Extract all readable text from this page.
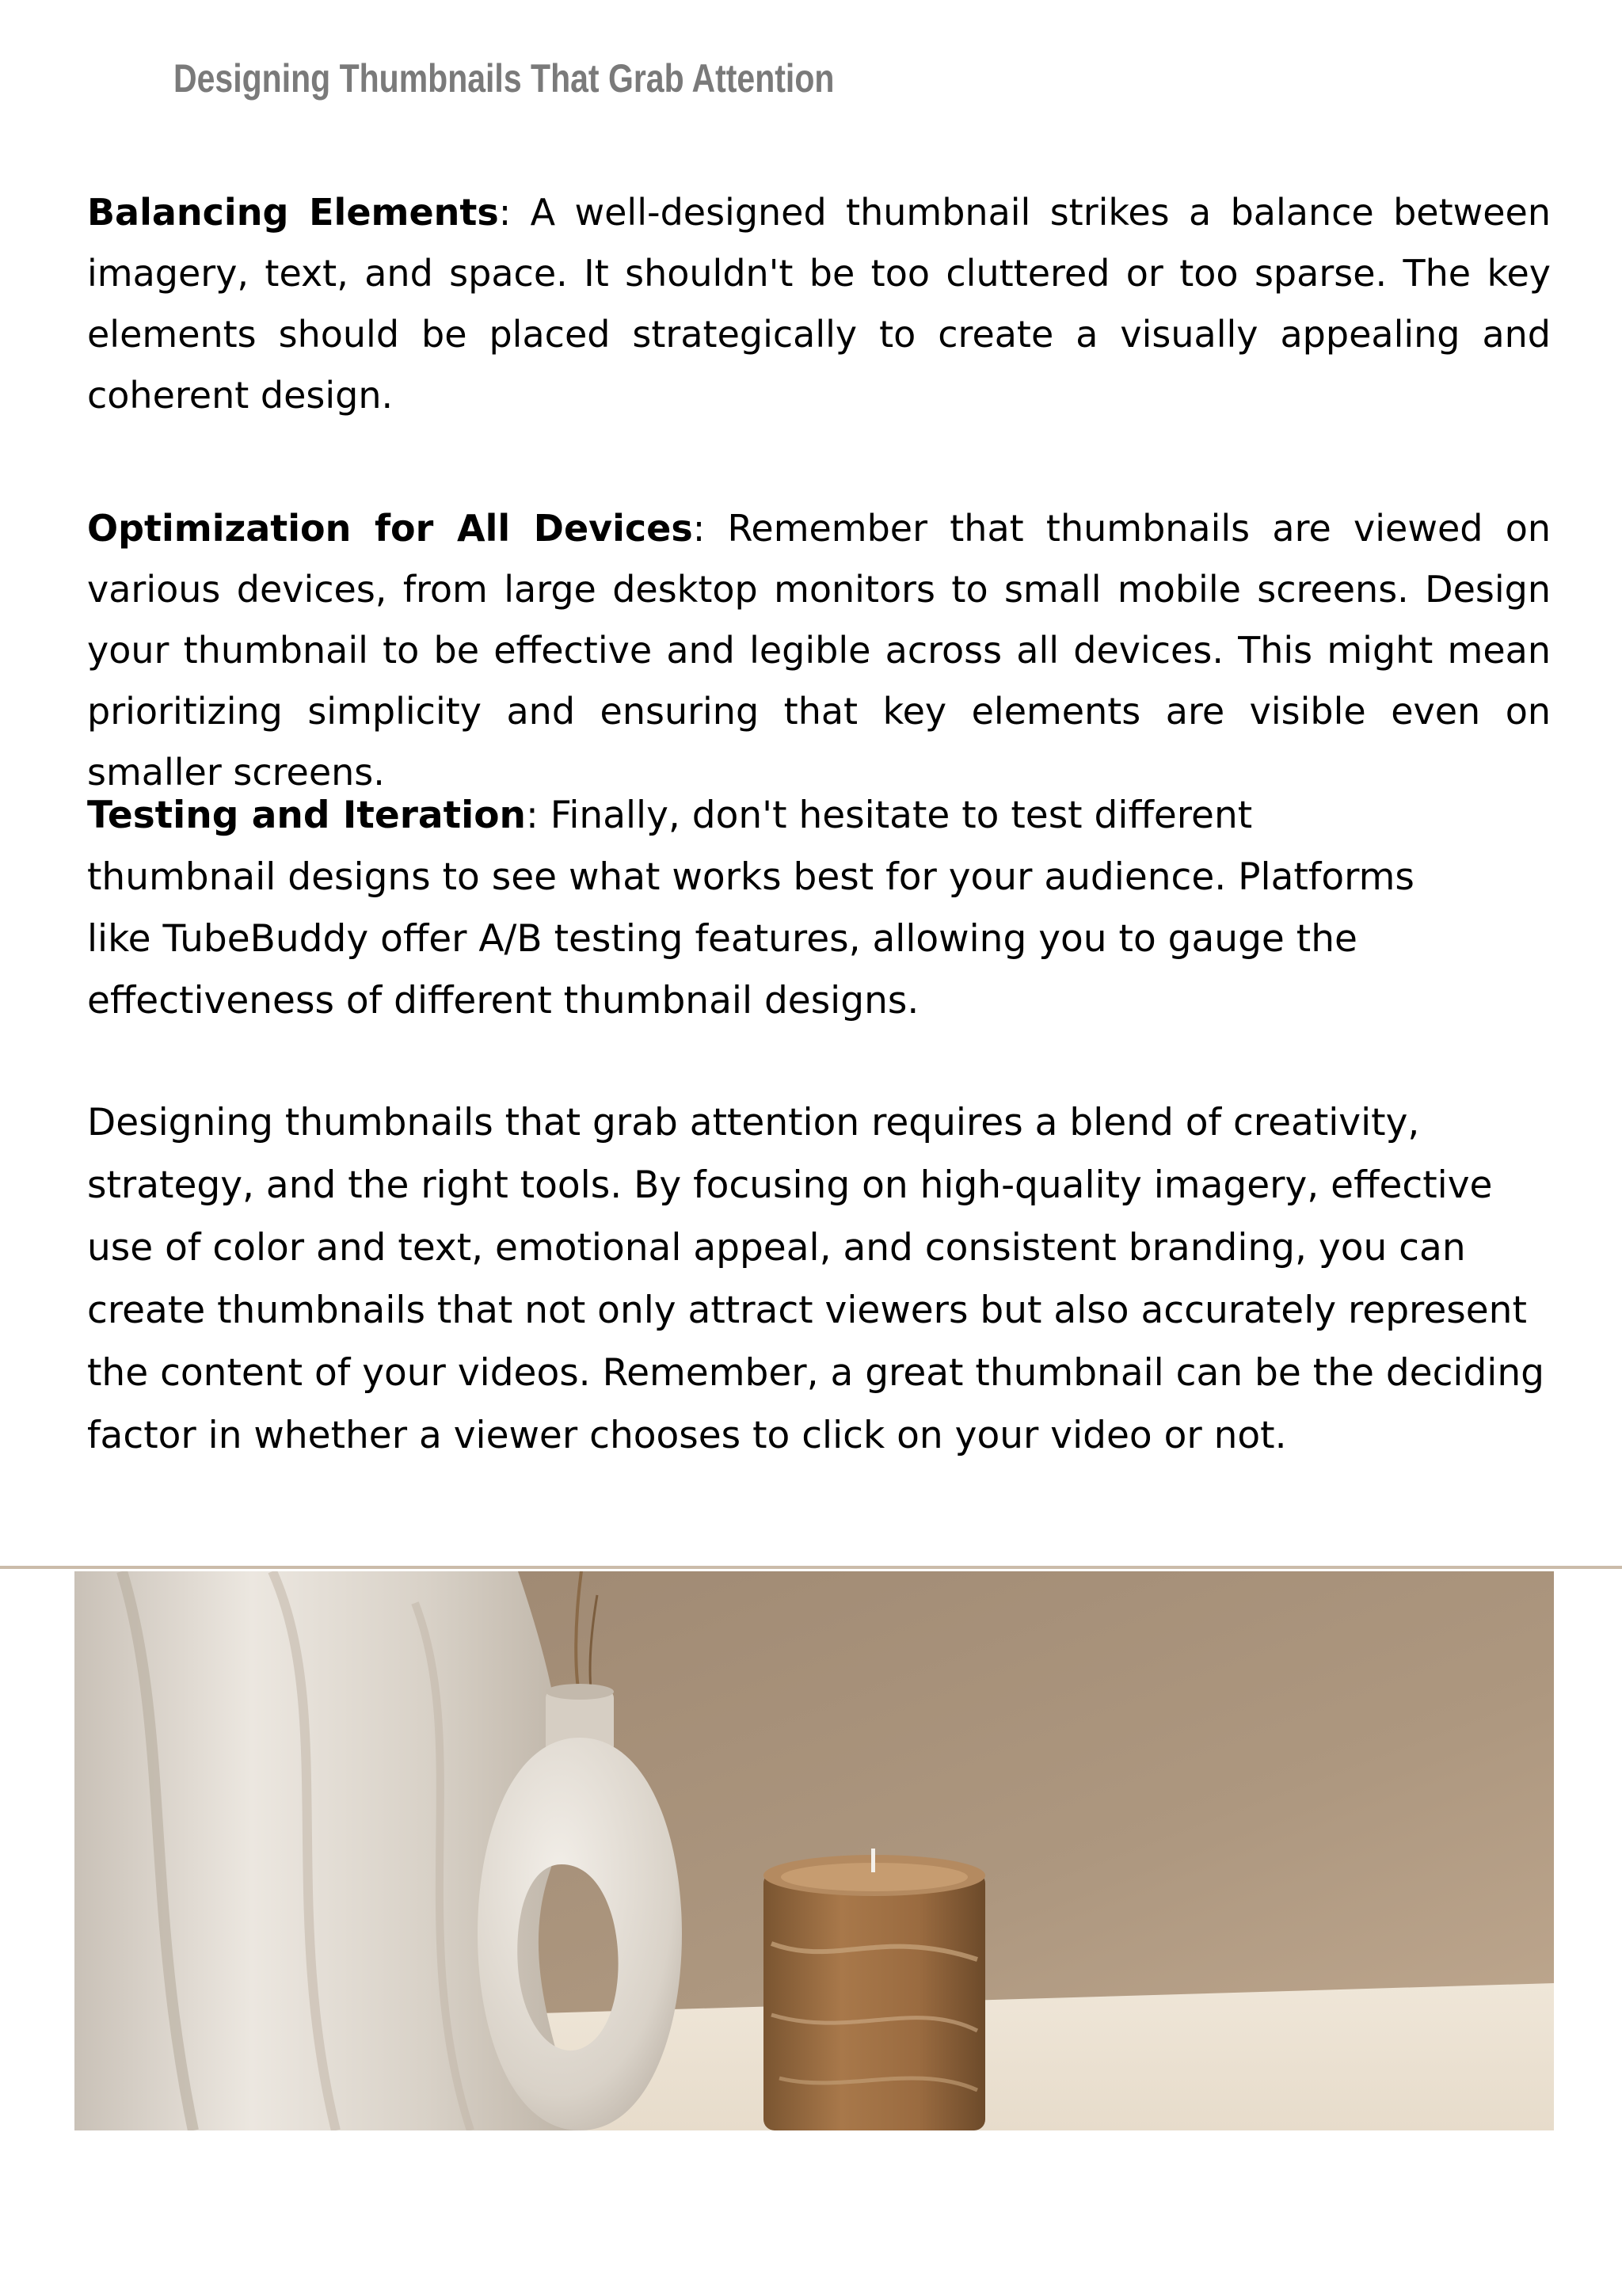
Designing Thumbnails That Grab Attention

Balancing Elements: A well-designed thumbnail strikes a balance between imagery, text, and space. It shouldn't be too cluttered or too sparse. The key elements should be placed strategically to create a visually appealing and coherent design.

Optimization for All Devices: Remember that thumbnails are viewed on various devices, from large desktop monitors to small mobile screens. Design your thumbnail to be effective and legible across all devices. This might mean prioritizing simplicity and ensuring that key elements are visible even on smaller screens.

Testing and Iteration: Finally, don't hesitate to test different thumbnail designs to see what works best for your audience. Platforms like TubeBuddy offer A/B testing features, allowing you to gauge the effectiveness of different thumbnail designs.

Designing thumbnails that grab attention requires a blend of creativity, strategy, and the right tools. By focusing on high-quality imagery, effective use of color and text, emotional appeal, and consistent branding, you can create thumbnails that not only attract viewers but also accurately represent the content of your videos. Remember, a great thumbnail can be the deciding factor in whether a viewer chooses to click on your video or not.
